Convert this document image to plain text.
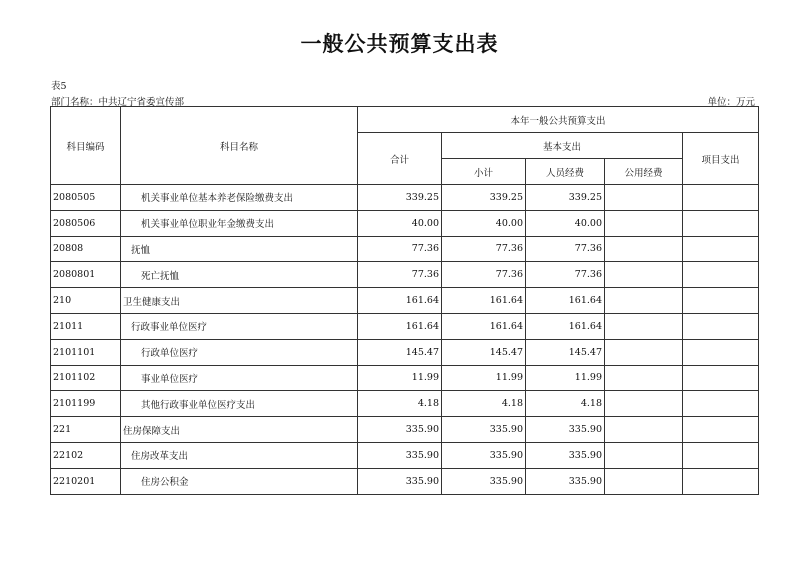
一般公共预算支出表
表5
部门名称：中共辽宁省委宣传部	单位：万元
科目编码	科目名称	本年一般公共预算支出				
		合计	基本支出			项目支出
			小计	人员经费	公用经费	
2080505	机关事业单位基本养老保险缴费支出	339.25	339.25	339.25		
2080506	机关事业单位职业年金缴费支出	40.00	40.00	40.00		
20808	抚恤	77.36	77.36	77.36		
2080801	死亡抚恤	77.36	77.36	77.36		
210	卫生健康支出	161.64	161.64	161.64		
21011	行政事业单位医疗	161.64	161.64	161.64		
2101101	行政单位医疗	145.47	145.47	145.47		
2101102	事业单位医疗	11.99	11.99	11.99		
2101199	其他行政事业单位医疗支出	4.18	4.18	4.18		
221	住房保障支出	335.90	335.90	335.90		
22102	住房改革支出	335.90	335.90	335.90		
2210201	住房公积金	335.90	335.90	335.90		
